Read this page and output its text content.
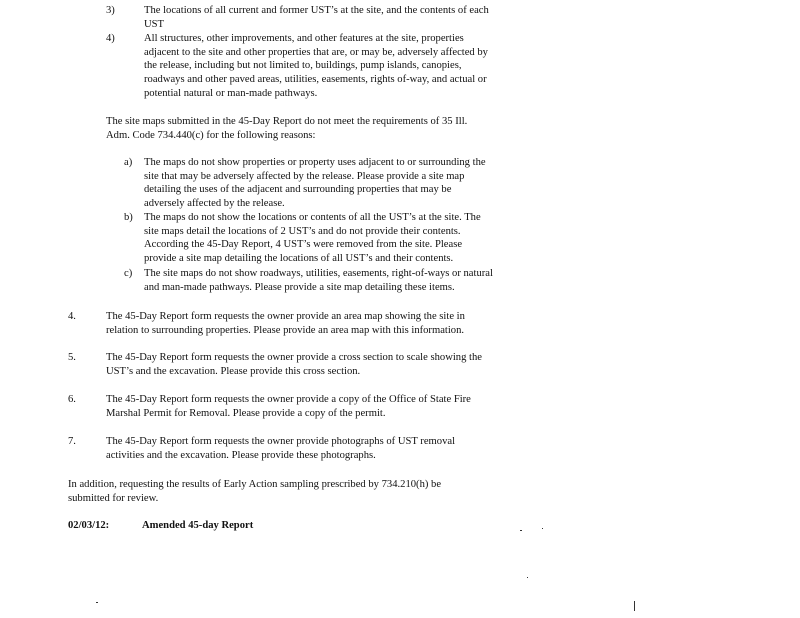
3)	The locations of all current and former UST’s at the site, and the contents of each
UST
4)	All structures, other improvements, and other features at the site, properties
adjacent to the site and other properties that are, or may be, adversely affected by
the release, including but not limited to, buildings, pump islands, canopies,
roadways and other paved areas, utilities, easements, rights of-way, and actual or
potential natural or man-made pathways.
The site maps submitted in the 45-Day Report do not meet the requirements of 35 Ill.
Adm. Code 734.440(c) for the following reasons:
a) The maps do not show properties or property uses adjacent to or surrounding the
site that may be adversely affected by the release. Please provide a site map
detailing the uses of the adjacent and surrounding properties that may be
adversely affected by the release.
b) The maps do not show the locations or contents of all the UST’s at the site. The
site maps detail the locations of 2 UST’s and do not provide their contents.
According the 45-Day Report, 4 UST’s were removed from the site. Please
provide a site map detailing the locations of all UST’s and their contents.
c) The site maps do not show roadways, utilities, easements, right-of-ways or natural
and man-made pathways. Please provide a site map detailing these items.
4.	The 45-Day Report form requests the owner provide an area map showing the site in
relation to surrounding properties. Please provide an area map with this information.
5.	The 45-Day Report form requests the owner provide a cross section to scale showing the
UST’s and the excavation. Please provide this cross section.
6.	The 45-Day Report form requests the owner provide a copy of the Office of State Fire
Marshal Permit for Removal. Please provide a copy of the permit.
7.	The 45-Day Report form requests the owner provide photographs of UST removal
activities and the excavation. Please provide these photographs.
In addition, requesting the results of Early Action sampling prescribed by 734.210(h) be
submitted for review.
02/03/12:	Amended 45-day Report
